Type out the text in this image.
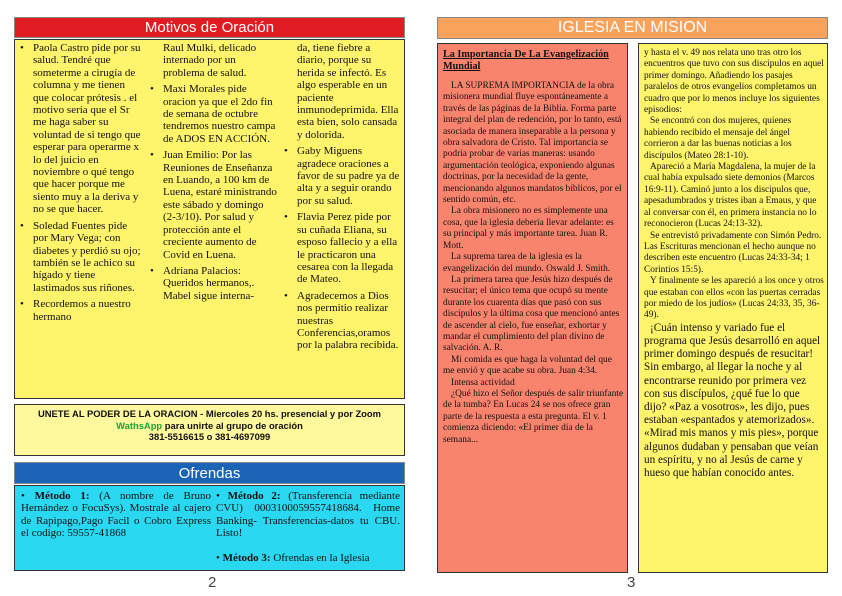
Motivos de Oración
• Paola Castro pide por su salud. Tendré que someterme a cirugía de columna y me tienen que colocar prótesis . el motivo sería que el Sr me haga saber su voluntad de si tengo que esperar para operarme x lo del juicio en noviembre o qué tengo que hacer porque me siento muy a la deriva y no se que hacer.
• Soledad Fuentes pide por Mary Vega; con diabetes y perdió su ojo; también se le achico su hígado y tiene lastimados sus riñones.
• Recordemos a nuestro hermano
Raul Mulki, delicado internado por un problema de salud.
• Maxi Morales pide oracion ya que el 2do fin de semana de octubre tendremos nuestro campa de ADOS EN ACCIÓN.
• Juan Emilio: Por las Reuniones de Enseñanza en Luando, a 100 km de Luena, estaré ministrando este sábado y domingo (2-3/10). Por salud y protección ante el creciente aumento de Covid en Luena.
• Adriana Palacios: Queridos hermanos,. Mabel sigue interna-
da, tiene fiebre a diario, porque su herida se infectó. Es algo esperable en un paciente inmunodeprimida. Ella esta bien, solo cansada y dolorida.
• Gaby Miguens agradece oraciones a favor de su padre ya de alta y a seguir orando por su salud.
• Flavia Perez pide por su cuñada Eliana, su esposo fallecio y a ella le practicaron una cesarea con la llegada de Mateo.
• Agradecemos a Dios nos permitio realizar nuestras Conferencias,oramos por la palabra recibida.
UNETE AL PODER DE LA ORACION - Miercoles 20 hs. presencial y por Zoom
WathsApp para unirte al grupo de oración
381-5516615 o 381-4697099
Ofrendas
• Método 1: (A nombre de Bruno Hernández o FocuSys). Mostrale al cajero de Rapipago,Pago Facil o Cobro Express el codigo: 59557-41868
• Método 2: (Transferencia mediante CVU) 0003100059557418684. Home Banking- Transferencias-datos tu CBU. Listo!
• Método 3: Ofrendas en la Iglesia
2
IGLESIA EN MISION

La Importancia De La Evangelización Mundial

LA SUPREMA IMPORTANCIA de la obra misionera mundial fluye espontáneamente a través de las páginas de la Biblia. Forma parte integral del plan de redención, por lo tanto, está asociada de manera inseparable a la persona y obra salvadora de Cristo. Tal importancia se podría probar de varias maneras: usando argumentación teológica, exponiendo algunas doctrinas, por la necesidad de la gente, mencionando algunos mandatos bíblicos, por el sentido común, etc.

La obra misionero no es simplemente una cosa, que la iglesia debería llevar adelante: es su principal y más importante tarea. Juan R. Mott.

La suprema tarea de la iglesia es la evangelización del mundo. Oswald J. Smith.

La primera tarea que Jesús hizo después de resucitar; el único tema que ocupó su mente durante los cuarenta días que pasó con sus discípulos y la última cosa que mencionó antes de ascender al cielo, fue enseñar, exhortar y mandar el cumplimiento del plan divino de salvación. A. R.

Mi comida es que haga la voluntad del que me envió y que acabe su obra. Juan 4:34.

Intensa actividad

¿Qué hizo el Señor después de salir triunfante de la tumba? En Lucas 24 se nos ofrece gran parte de la respuesta a esta pregunta. El v. 1 comienza diciendo: «El primer día de la semana...

y hasta el v. 49 nos relata uno tras otro los encuentros que tuvo con sus discípulos en aquel primer domingo. Añadiendo los pasajes paralelos de otros evangelios completamos un cuadro que por lo menos incluye los siguientes episodios:

Se encontró con dos mujeres, quienes habiendo recibido el mensaje del ángel corrieron a dar las buenas noticias a los discípulos (Mateo 28:1-10).

Apareció a María Magdalena, la mujer de la cual había expulsado siete demonios (Marcos 16:9-11). Caminó junto a los discípulos que, apesadumbrados y tristes iban a Emaus, y que al conversar con él, en primera instancia no lo reconocieron (Lucas 24:13-32).

Se entrevistó privadamente con Simón Pedro. Las Escrituras mencionan el hecho aunque no describen este encuentro (Lucas 24:33-34; 1 Corintios 15:5).

Y finalmente se les apareció a los once y otros que estaban con ellos «con las puertas cerradas por miedo de los judíos» (Lucas 24:33, 35, 36-49).

¡Cuán intenso y variado fue el programa que Jesús desarrolló en aquel primer domingo después de resucitar! Sin embargo, al llegar la noche y al encontrarse reunido por primera vez con sus discípulos, ¿qué fue lo que dijo? «Paz a vosotros», les dijo, pues estaban «espantados y atemorizados». «Mirad mis manos y mis pies», porque algunos dudaban y pensaban que veían un espíritu, y no al Jesús de carne y hueso que habían conocido antes.

3
